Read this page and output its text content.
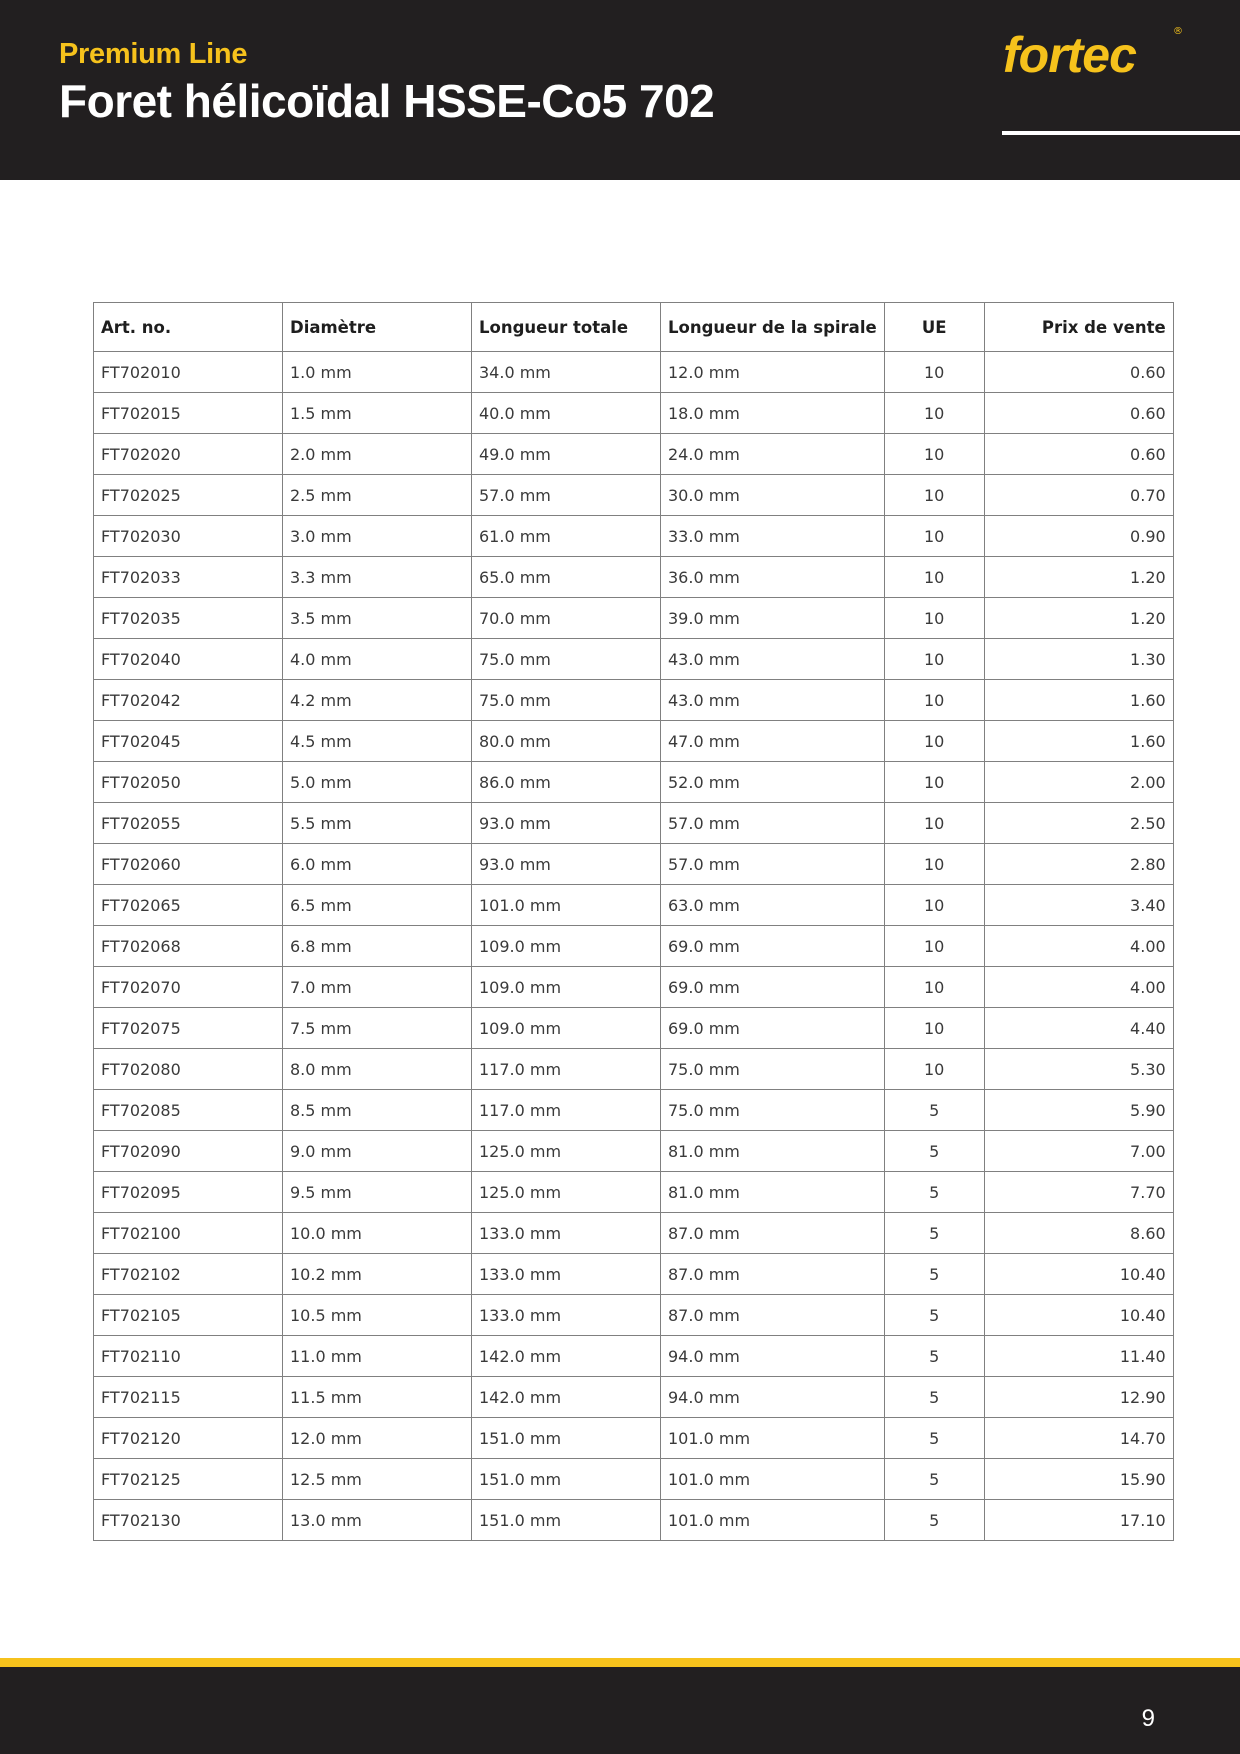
Premium Line
Foret hélicoïdal HSSE-Co5 702
fortec	®
Art. no.	Diamètre	Longueur totale	Longueur de la spirale	UE	Prix de vente
FT702010	1.0 mm	34.0 mm	12.0 mm	10	0.60
FT702015	1.5 mm	40.0 mm	18.0 mm	10	0.60
FT702020	2.0 mm	49.0 mm	24.0 mm	10	0.60
FT702025	2.5 mm	57.0 mm	30.0 mm	10	0.70
FT702030	3.0 mm	61.0 mm	33.0 mm	10	0.90
FT702033	3.3 mm	65.0 mm	36.0 mm	10	1.20
FT702035	3.5 mm	70.0 mm	39.0 mm	10	1.20
FT702040	4.0 mm	75.0 mm	43.0 mm	10	1.30
FT702042	4.2 mm	75.0 mm	43.0 mm	10	1.60
FT702045	4.5 mm	80.0 mm	47.0 mm	10	1.60
FT702050	5.0 mm	86.0 mm	52.0 mm	10	2.00
FT702055	5.5 mm	93.0 mm	57.0 mm	10	2.50
FT702060	6.0 mm	93.0 mm	57.0 mm	10	2.80
FT702065	6.5 mm	101.0 mm	63.0 mm	10	3.40
FT702068	6.8 mm	109.0 mm	69.0 mm	10	4.00
FT702070	7.0 mm	109.0 mm	69.0 mm	10	4.00
FT702075	7.5 mm	109.0 mm	69.0 mm	10	4.40
FT702080	8.0 mm	117.0 mm	75.0 mm	10	5.30
FT702085	8.5 mm	117.0 mm	75.0 mm	5	5.90
FT702090	9.0 mm	125.0 mm	81.0 mm	5	7.00
FT702095	9.5 mm	125.0 mm	81.0 mm	5	7.70
FT702100	10.0 mm	133.0 mm	87.0 mm	5	8.60
FT702102	10.2 mm	133.0 mm	87.0 mm	5	10.40
FT702105	10.5 mm	133.0 mm	87.0 mm	5	10.40
FT702110	11.0 mm	142.0 mm	94.0 mm	5	11.40
FT702115	11.5 mm	142.0 mm	94.0 mm	5	12.90
FT702120	12.0 mm	151.0 mm	101.0 mm	5	14.70
FT702125	12.5 mm	151.0 mm	101.0 mm	5	15.90
FT702130	13.0 mm	151.0 mm	101.0 mm	5	17.10
9
